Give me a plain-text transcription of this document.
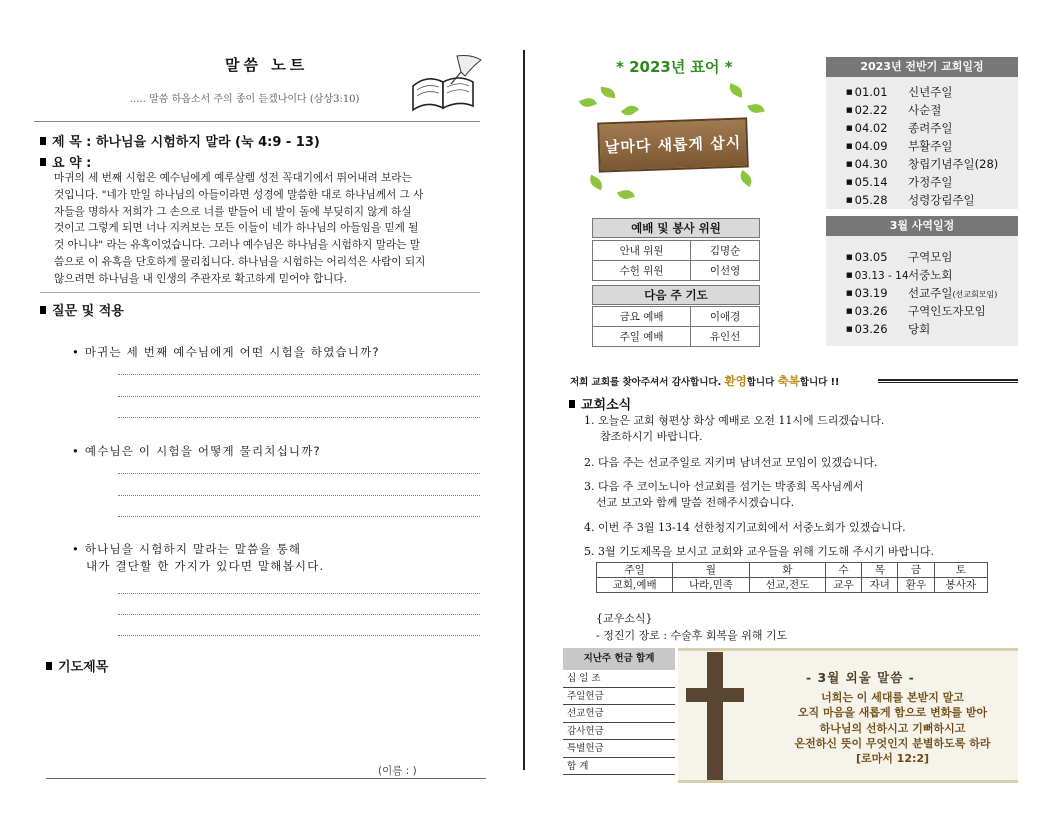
말씀 노트
..... 말씀 하옵소서 주의 종이 듣겠나이다 (삼상3:10)
제 목 : 하나님을 시험하지 말라 (눅 4:9 - 13)
요 약 :
마귀의 세 번째 시험은 예수님에게 예루살렘 성전 꼭대기에서 뛰어내려 보라는
것입니다. "네가 만일 하나님의 아들이라면 성경에 말씀한 대로 하나님께서 그 사
자들을 명하사 저희가 그 손으로 너를 받들어 네 발이 돌에 부딪히지 않게 하실
것이고 그렇게 되면 너나 지켜보는 모든 이들이 네가 하나님의 아들임을 믿게 될
것 아니냐" 라는 유혹이었습니다. 그러나 예수님은 하나님을 시험하지 말라는 말
씀으로 이 유혹을 단호하게 물리칩니다. 하나님을 시험하는 어리석은 사람이 되지
않으려면 하나님을 내 인생의 주관자로 확고하게 믿어야 합니다.
질문 및 적용
• 마귀는 세 번째 예수님에게 어떤 시험을 하였습니까?
• 예수님은 이 시험을 어떻게 물리치십니까?
• 하나님을 시험하지 말라는 말씀을 통해
내가 결단할 한 가지가 있다면 말해봅시다.
기도제목
(이름 : )
* 2023년 표어 *
날마다 새롭게 삽시다
예배 및 봉사 위원
안내 위원	김명순
수헌 위원	이선영
다음 주 기도
금요 예배	이애경
주일 예배	유인선
2023년 전반기 교회일정
■ 01.01 신년주일
■ 02.22 사순절
■ 04.02 종려주일
■ 04.09 부활주일
■ 04.30 창립기념주일(28)
■ 05.14 가정주일
■ 05.28 성령강림주일
3월 사역일정
■ 03.05 구역모임
■ 03.13 - 14서중노회
■ 03.19 선교주일(선교회모임)
■ 03.26 구역인도자모임
■ 03.26 당회
저희 교회를 찾아주셔서 감사합니다. 환영합니다 축복합니다 !!
교회소식
1. 오늘은 교회 형편상 화상 예배로 오전 11시에 드리겠습니다.
참조하시기 바랍니다.
2. 다음 주는 선교주일로 지키며 남녀선교 모임이 있겠습니다.
3. 다음 주 코이노니아 선교회를 섬기는 박종희 목사님께서
선교 보고와 함께 말씀 전해주시겠습니다.
4. 이번 주 3월 13-14 선한청지기교회에서 서중노회가 있겠습니다.
5. 3월 기도제목을 보시고 교회와 교우들을 위해 기도해 주시기 바랍니다.
주일	월	화	수	목	금	토
교회,예배	나라,민족	선교,전도	교우	자녀	환우	봉사자
{교우소식}
- 정진기 장로 : 수술후 회복을 위해 기도
지난주 헌금 합계
십 일 조
주일헌금
선교헌금
감사헌금
특별헌금
합 계
- 3월 외울 말씀 -
너희는 이 세대를 본받지 말고
오직 마음을 새롭게 함으로 변화를 받아
하나님의 선하시고 기뻐하시고
온전하신 뜻이 무엇인지 분별하도록 하라
[로마서 12:2]
